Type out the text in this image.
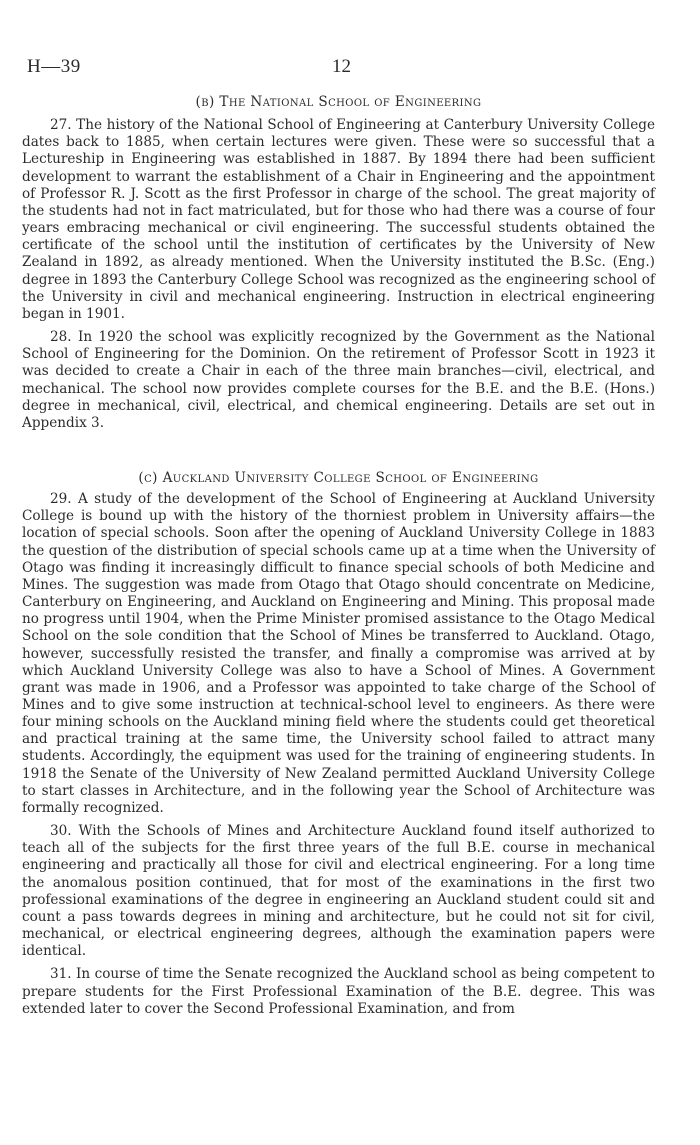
H—39	12
(b) The National School of Engineering

27. The history of the National School of Engineering at Canterbury University College dates back to 1885, when certain lectures were given. These were so successful that a Lectureship in Engineering was established in 1887. By 1894 there had been sufficient development to warrant the establishment of a Chair in Engineering and the appointment of Professor R. J. Scott as the first Professor in charge of the school. The great majority of the students had not in fact matriculated, but for those who had there was a course of four years embracing mechanical or civil engineering. The successful students obtained the certificate of the school until the institution of certificates by the University of New Zealand in 1892, as already mentioned. When the University instituted the B.Sc. (Eng.) degree in 1893 the Canterbury College School was recognized as the engineering school of the University in civil and mechanical engineering. Instruction in electrical engineering began in 1901.

28. In 1920 the school was explicitly recognized by the Government as the National School of Engineering for the Dominion. On the retirement of Professor Scott in 1923 it was decided to create a Chair in each of the three main branches—civil, electrical, and mechanical. The school now provides complete courses for the B.E. and the B.E. (Hons.) degree in mechanical, civil, electrical, and chemical engineering. Details are set out in Appendix 3.

(c) Auckland University College School of Engineering

29. A study of the development of the School of Engineering at Auckland University College is bound up with the history of the thorniest problem in University affairs—the location of special schools. Soon after the opening of Auckland University College in 1883 the question of the distribution of special schools came up at a time when the University of Otago was finding it increasingly difficult to finance special schools of both Medicine and Mines. The suggestion was made from Otago that Otago should concentrate on Medicine, Canterbury on Engineering, and Auckland on Engineering and Mining. This proposal made no progress until 1904, when the Prime Minister promised assistance to the Otago Medical School on the sole condition that the School of Mines be transferred to Auckland. Otago, however, successfully resisted the transfer, and finally a compromise was arrived at by which Auckland University College was also to have a School of Mines. A Government grant was made in 1906, and a Professor was appointed to take charge of the School of Mines and to give some instruction at technical-school level to engineers. As there were four mining schools on the Auckland mining field where the students could get theoretical and practical training at the same time, the University school failed to attract many students. Accordingly, the equipment was used for the training of engineering students. In 1918 the Senate of the University of New Zealand permitted Auckland University College to start classes in Architecture, and in the following year the School of Architecture was formally recognized.

30. With the Schools of Mines and Architecture Auckland found itself authorized to teach all of the subjects for the first three years of the full B.E. course in mechanical engineering and practically all those for civil and electrical engineering. For a long time the anomalous position continued, that for most of the examinations in the first two professional examinations of the degree in engineering an Auckland student could sit and count a pass towards degrees in mining and architecture, but he could not sit for civil, mechanical, or electrical engineering degrees, although the examination papers were identical.

31. In course of time the Senate recognized the Auckland school as being competent to prepare students for the First Professional Examination of the B.E. degree. This was extended later to cover the Second Professional Examination, and from
